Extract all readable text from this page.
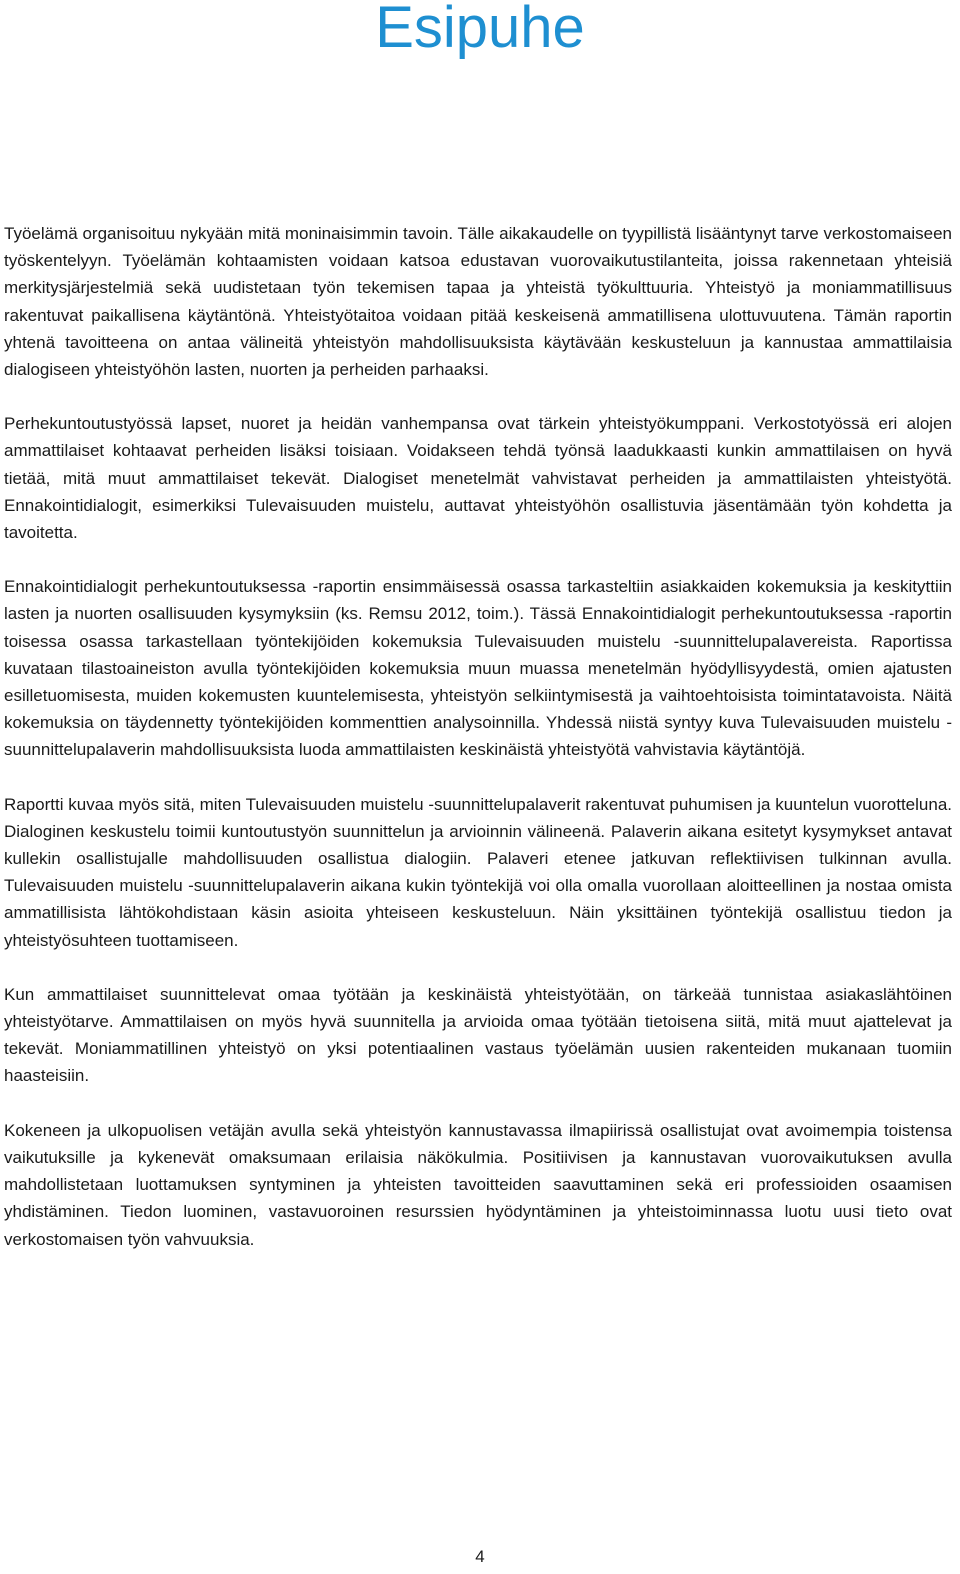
Esipuhe

Työelämä organisoituu nykyään mitä moninaisimmin tavoin. Tälle aikakaudelle on tyypillistä lisääntynyt tarve verkostomaiseen työskentelyyn. Työelämän kohtaamisten voidaan katsoa edustavan vuorovaikutustilanteita, joissa rakennetaan yhteisiä merkitysjärjestelmiä sekä uudistetaan työn tekemisen tapaa ja yhteistä työkulttuuria. Yhteistyö ja moniammatillisuus rakentuvat paikallisena käytäntönä. Yhteistyötaitoa voidaan pitää keskeisenä ammatillisena ulottuvuutena. Tämän raportin yhtenä tavoitteena on antaa välineitä yhteistyön mahdollisuuksista käytävään keskusteluun ja kannustaa ammattilaisia dialogiseen yhteistyöhön lasten, nuorten ja perheiden parhaaksi.

Perhekuntoutustyössä lapset, nuoret ja heidän vanhempansa ovat tärkein yhteistyökumppani. Verkostotyössä eri alojen ammattilaiset kohtaavat perheiden lisäksi toisiaan. Voidakseen tehdä työnsä laadukkaasti kunkin ammattilaisen on hyvä tietää, mitä muut ammattilaiset tekevät. Dialogiset menetelmät vahvistavat perheiden ja ammattilaisten yhteistyötä. Ennakointidialogit, esimerkiksi Tulevaisuuden muistelu, auttavat yhteistyöhön osallistuvia jäsentämään työn kohdetta ja tavoitetta.

Ennakointidialogit perhekuntoutuksessa -raportin ensimmäisessä osassa tarkasteltiin asiakkaiden kokemuksia ja keskityttiin lasten ja nuorten osallisuuden kysymyksiin (ks. Remsu 2012, toim.). Tässä Ennakointidialogit perhekuntoutuksessa -raportin toisessa osassa tarkastellaan työntekijöiden kokemuksia Tulevaisuuden muistelu -suunnittelupalavereista. Raportissa kuvataan tilastoaineiston avulla työntekijöiden kokemuksia muun muassa menetelmän hyödyllisyydestä, omien ajatusten esilletuomisesta, muiden kokemusten kuuntelemisesta, yhteistyön selkiintymisestä ja vaihtoehtoisista toimintatavoista. Näitä kokemuksia on täydennetty työntekijöiden kommenttien analysoinnilla. Yhdessä niistä syntyy kuva Tulevaisuuden muistelu -suunnittelupalaverin mahdollisuuksista luoda ammattilaisten keskinäistä yhteistyötä vahvistavia käytäntöjä.

Raportti kuvaa myös sitä, miten Tulevaisuuden muistelu -suunnittelupalaverit rakentuvat puhumisen ja kuuntelun vuorotteluna. Dialoginen keskustelu toimii kuntoutustyön suunnittelun ja arvioinnin välineenä. Palaverin aikana esitetyt kysymykset antavat kullekin osallistujalle mahdollisuuden osallistua dialogiin. Palaveri etenee jatkuvan reflektiivisen tulkinnan avulla. Tulevaisuuden muistelu -suunnittelupalaverin aikana kukin työntekijä voi olla omalla vuorollaan aloitteellinen ja nostaa omista ammatillisista lähtökohdistaan käsin asioita yhteiseen keskusteluun. Näin yksittäinen työntekijä osallistuu tiedon ja yhteistyösuhteen tuottamiseen.

Kun ammattilaiset suunnittelevat omaa työtään ja keskinäistä yhteistyötään, on tärkeää tunnistaa asiakaslähtöinen yhteistyötarve. Ammattilaisen on myös hyvä suunnitella ja arvioida omaa työtään tietoisena siitä, mitä muut ajattelevat ja tekevät. Moniammatillinen yhteistyö on yksi potentiaalinen vastaus työelämän uusien rakenteiden mukanaan tuomiin haasteisiin.

Kokeneen ja ulkopuolisen vetäjän avulla sekä yhteistyön kannustavassa ilmapiirissä osallistujat ovat avoimempia toistensa vaikutuksille ja kykenevät omaksumaan erilaisia näkökulmia. Positiivisen ja kannustavan vuorovaikutuksen avulla mahdollistetaan luottamuksen syntyminen ja yhteisten tavoitteiden saavuttaminen sekä eri professioiden osaamisen yhdistäminen. Tiedon luominen, vastavuoroinen resurssien hyödyntäminen ja yhteistoiminnassa luotu uusi tieto ovat verkostomaisen työn vahvuuksia.

4
